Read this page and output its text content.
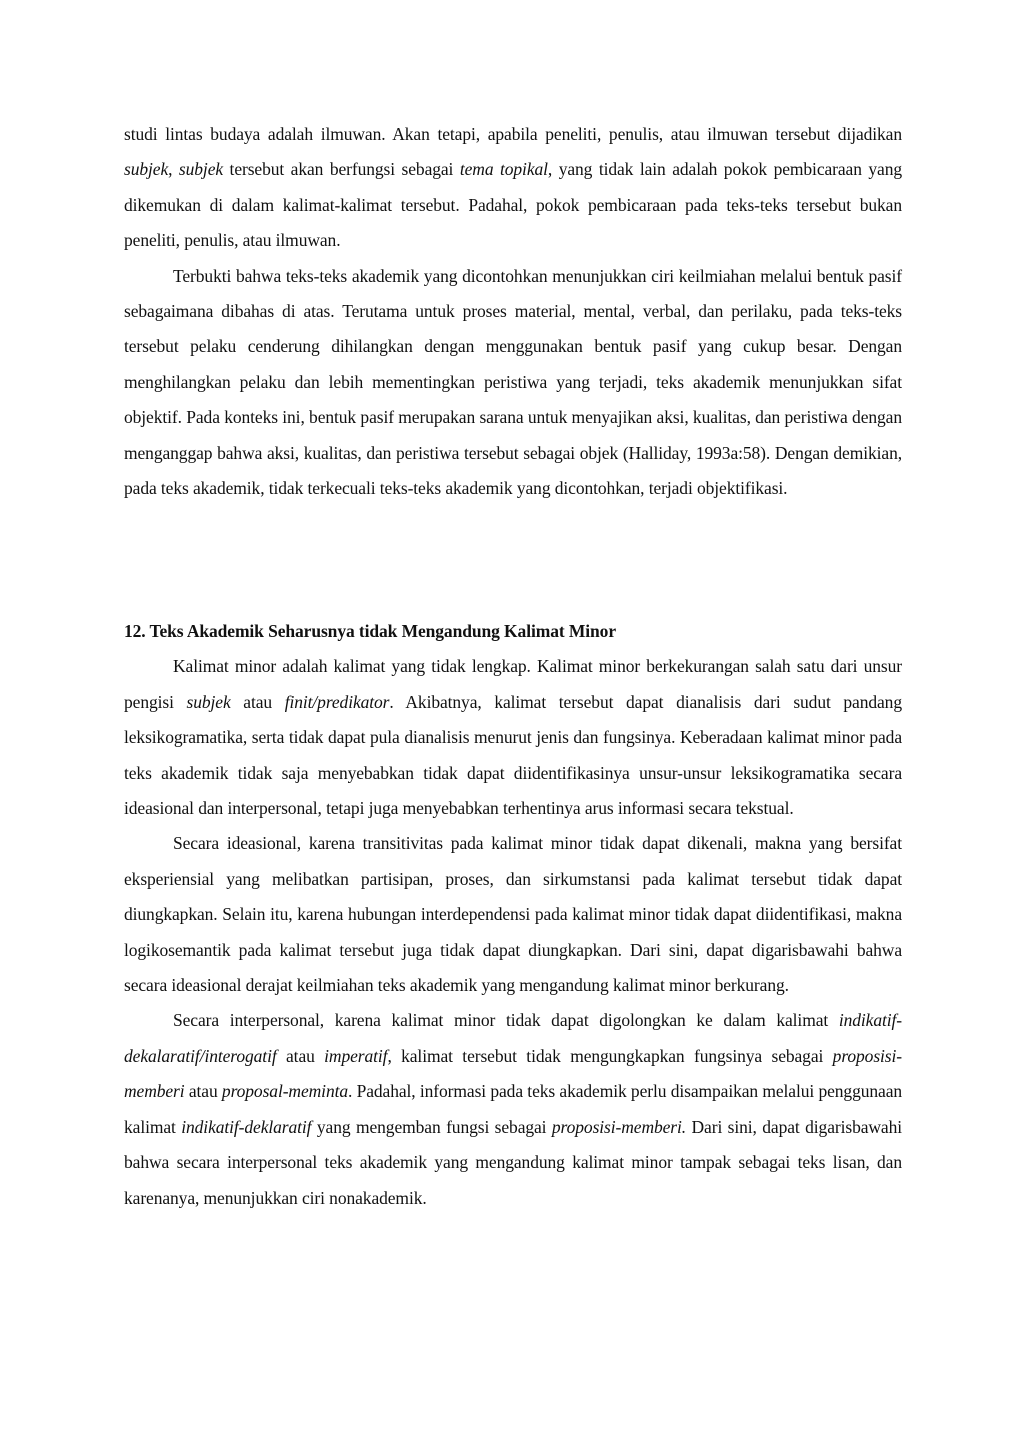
studi lintas budaya adalah ilmuwan. Akan tetapi, apabila peneliti, penulis, atau ilmuwan tersebut dijadikan subjek, subjek tersebut akan berfungsi sebagai tema topikal, yang tidak lain adalah pokok pembicaraan yang dikemukan di dalam kalimat-kalimat tersebut. Padahal, pokok pembicaraan pada teks-teks tersebut bukan peneliti, penulis, atau ilmuwan.

Terbukti bahwa teks-teks akademik yang dicontohkan menunjukkan ciri keilmiahan melalui bentuk pasif sebagaimana dibahas di atas. Terutama untuk proses material, mental, verbal, dan perilaku, pada teks-teks tersebut pelaku cenderung dihilangkan dengan menggunakan bentuk pasif yang cukup besar. Dengan menghilangkan pelaku dan lebih mementingkan peristiwa yang terjadi, teks akademik menunjukkan sifat objektif. Pada konteks ini, bentuk pasif merupakan sarana untuk menyajikan aksi, kualitas, dan peristiwa dengan menganggap bahwa aksi, kualitas, dan peristiwa tersebut sebagai objek (Halliday, 1993a:58). Dengan demikian, pada teks akademik, tidak terkecuali teks-teks akademik yang dicontohkan, terjadi objektifikasi.

12. Teks Akademik Seharusnya tidak Mengandung Kalimat Minor

Kalimat minor adalah kalimat yang tidak lengkap. Kalimat minor berkekurangan salah satu dari unsur pengisi subjek atau finit/predikator. Akibatnya, kalimat tersebut dapat dianalisis dari sudut pandang leksikogramatika, serta tidak dapat pula dianalisis menurut jenis dan fungsinya. Keberadaan kalimat minor pada teks akademik tidak saja menyebabkan tidak dapat diidentifikasinya unsur-unsur leksikogramatika secara ideasional dan interpersonal, tetapi juga menyebabkan terhentinya arus informasi secara tekstual.

Secara ideasional, karena transitivitas pada kalimat minor tidak dapat dikenali, makna yang bersifat eksperiensial yang melibatkan partisipan, proses, dan sirkumstansi pada kalimat tersebut tidak dapat diungkapkan. Selain itu, karena hubungan interdependensi pada kalimat minor tidak dapat diidentifikasi, makna logikosemantik pada kalimat tersebut juga tidak dapat diungkapkan. Dari sini, dapat digarisbawahi bahwa secara ideasional derajat keilmiahan teks akademik yang mengandung kalimat minor berkurang.

Secara interpersonal, karena kalimat minor tidak dapat digolongkan ke dalam kalimat indikatif-dekalaratif/interogatif atau imperatif, kalimat tersebut tidak mengungkapkan fungsinya sebagai proposisi-memberi atau proposal-meminta. Padahal, informasi pada teks akademik perlu disampaikan melalui penggunaan kalimat indikatif-deklaratif yang mengemban fungsi sebagai proposisi-memberi. Dari sini, dapat digarisbawahi bahwa secara interpersonal teks akademik yang mengandung kalimat minor tampak sebagai teks lisan, dan karenanya, menunjukkan ciri nonakademik.
